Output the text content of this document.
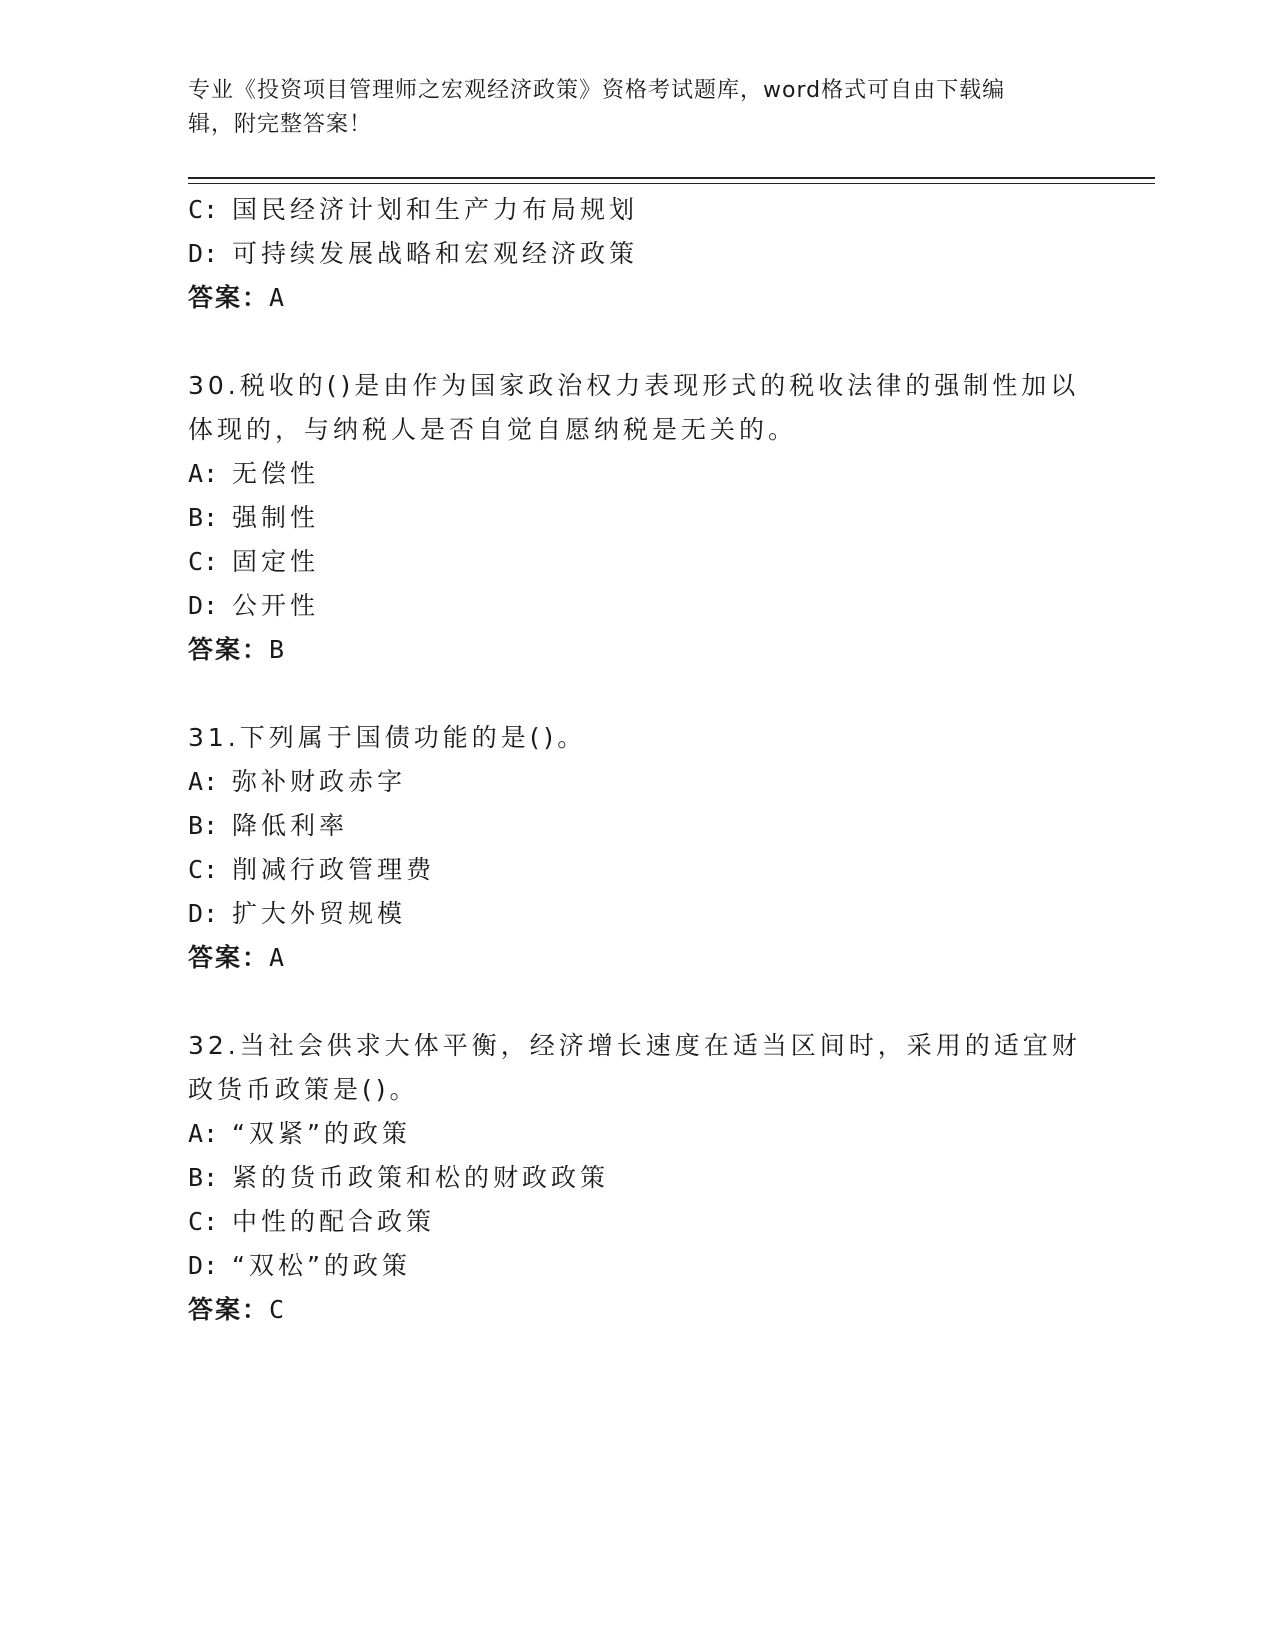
专业《投资项目管理师之宏观经济政策》资格考试题库，word格式可自由下载编
辑，附完整答案！
C: 国民经济计划和生产力布局规划
D: 可持续发展战略和宏观经济政策
答案：A
30.税收的()是由作为国家政治权力表现形式的税收法律的强制性加以
体现的，与纳税人是否自觉自愿纳税是无关的。
A: 无偿性
B: 强制性
C: 固定性
D: 公开性
答案：B
31.下列属于国债功能的是()。
A: 弥补财政赤字
B: 降低利率
C: 削减行政管理费
D: 扩大外贸规模
答案：A
32.当社会供求大体平衡，经济增长速度在适当区间时，采用的适宜财
政货币政策是()。
A: “双紧”的政策
B: 紧的货币政策和松的财政政策
C: 中性的配合政策
D: “双松”的政策
答案：C
